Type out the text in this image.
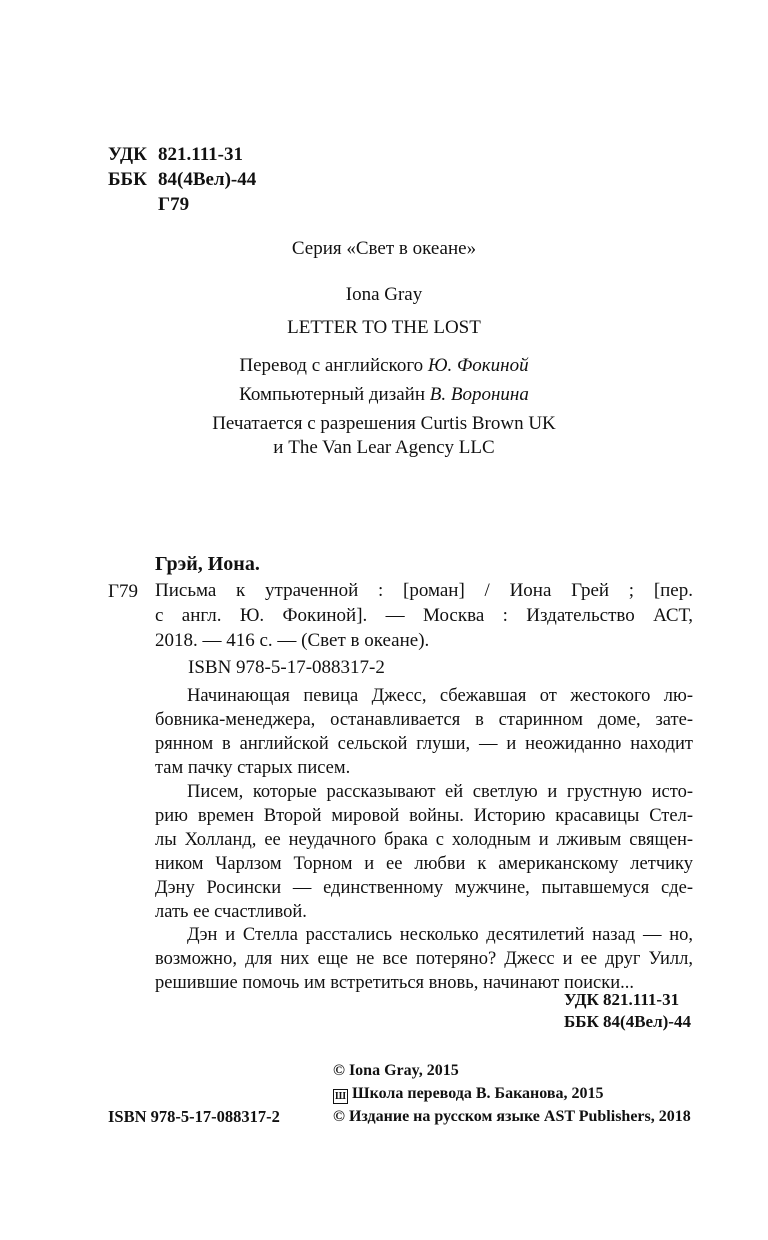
УДК 821.111-31
ББК 84(4Вел)-44
Г79
Серия «Свет в океане»
Iona Gray
LETTER TO THE LOST
Перевод с английского Ю. Фокиной
Компьютерный дизайн В. Воронина
Печатается с разрешения Curtis Brown UK
и The Van Lear Agency LLC
Грэй, Иона.
Г79 Письма к утраченной : [роман] / Иона Грей ; [пер.
с англ. Ю. Фокиной]. — Москва : Издательство АСТ,
2018. — 416 с. — (Свет в океане).
ISBN 978-5-17-088317-2
Начинающая певица Джесс, сбежавшая от жестокого лю-
бовника-менеджера, останавливается в старинном доме, зате-
рянном в английской сельской глуши, — и неожиданно находит
там пачку старых писем.
Писем, которые рассказывают ей светлую и грустную исто-
рию времен Второй мировой войны. Историю красавицы Стел-
лы Холланд, ее неудачного брака с холодным и лживым священ-
ником Чарлзом Торном и ее любви к американскому летчику
Дэну Росински — единственному мужчине, пытавшемуся сде-
лать ее счастливой.
Дэн и Стелла расстались несколько десятилетий назад — но,
возможно, для них еще не все потеряно? Джесс и ее друг Уилл,
решившие помочь им встретиться вновь, начинают поиски...
УДК 821.111-31
ББК 84(4Вел)-44
ISBN 978-5-17-088317-2
© Iona Gray, 2015
Ш Школа перевода В. Баканова, 2015
© Издание на русском языке AST Publishers, 2018
